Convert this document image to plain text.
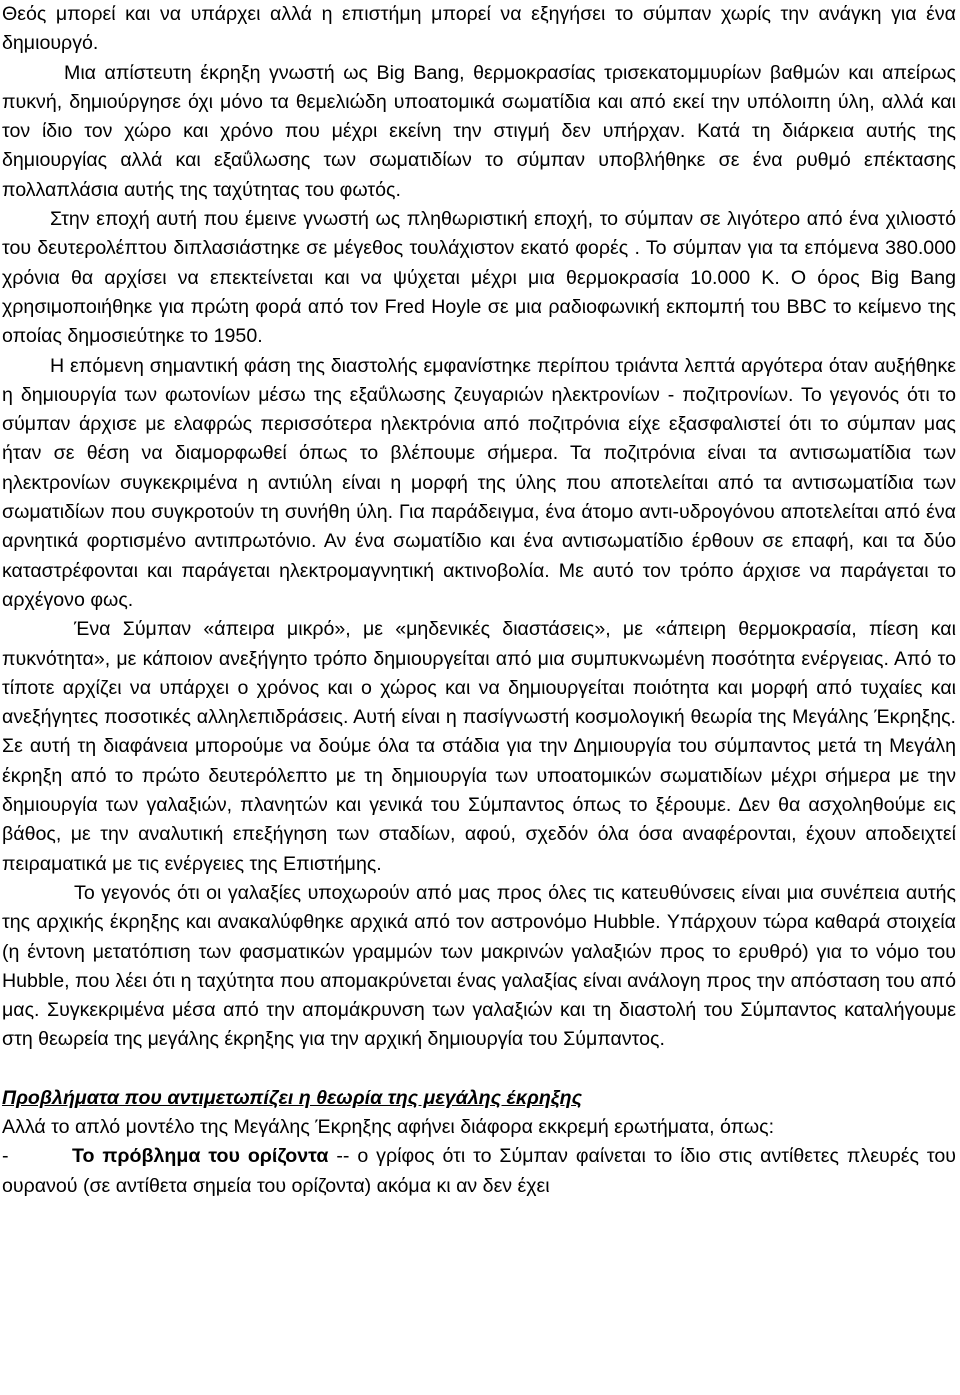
Θεός μπορεί και να υπάρχει αλλά η επιστήμη μπορεί να εξηγήσει το σύμπαν χωρίς την ανάγκη για ένα δημιουργό.

Μια απίστευτη έκρηξη γνωστή ως Big Bang, θερμοκρασίας τρισεκατομμυρίων βαθμών και απείρως πυκνή, δημιούργησε όχι μόνο τα θεμελιώδη υποατομικά σωματίδια και από εκεί την υπόλοιπη ύλη, αλλά και τον ίδιο τον χώρο και χρόνο που μέχρι εκείνη την στιγμή δεν υπήρχαν. Κατά τη διάρκεια αυτής της δημιουργίας αλλά και εξαΰλωσης των σωματιδίων το σύμπαν υποβλήθηκε σε ένα ρυθμό επέκτασης πολλαπλάσια αυτής της ταχύτητας του φωτός.

Στην εποχή αυτή που έμεινε γνωστή ως πληθωριστική εποχή, το σύμπαν σε λιγότερο από ένα χιλιοστό του δευτερολέπτου διπλασιάστηκε σε μέγεθος τουλάχιστον εκατό φορές . Το σύμπαν για τα επόμενα 380.000 χρόνια θα αρχίσει να επεκτείνεται και να ψύχεται μέχρι μια θερμοκρασία 10.000 K. Ο όρος Big Bang χρησιμοποιήθηκε για πρώτη φορά από τον Fred Hoyle σε μια ραδιοφωνική εκπομπή του BBC το κείμενο της οποίας δημοσιεύτηκε το 1950.

Η επόμενη σημαντική φάση της διαστολής εμφανίστηκε περίπου τριάντα λεπτά αργότερα όταν αυξήθηκε η δημιουργία των φωτονίων μέσω της εξαΰλωσης ζευγαριών ηλεκτρονίων - ποζιτρονίων. Το γεγονός ότι το σύμπαν άρχισε με ελαφρώς περισσότερα ηλεκτρόνια από ποζιτρόνια είχε εξασφαλιστεί ότι το σύμπαν μας ήταν σε θέση να διαμορφωθεί όπως το βλέπουμε σήμερα. Τα ποζιτρόνια είναι τα αντισωματίδια των ηλεκτρονίων συγκεκριμένα η αντιύλη είναι η μορφή της ύλης που αποτελείται από τα αντισωματίδια των σωματιδίων που συγκροτούν τη συνήθη ύλη. Για παράδειγμα, ένα άτομο αντι-υδρογόνου αποτελείται από ένα αρνητικά φορτισμένο αντιπρωτόνιο. Αν ένα σωματίδιο και ένα αντισωματίδιο έρθουν σε επαφή, και τα δύο καταστρέφονται και παράγεται ηλεκτρομαγνητική ακτινοβολία. Με αυτό τον τρόπο άρχισε να παράγεται το αρχέγονο φως.

Ένα Σύμπαν «άπειρα μικρό», με «μηδενικές διαστάσεις», με «άπειρη θερμοκρασία, πίεση και πυκνότητα», με κάποιον ανεξήγητο τρόπο δημιουργείται από μια συμπυκνωμένη ποσότητα ενέργειας. Από το τίποτε αρχίζει να υπάρχει ο χρόνος και ο χώρος και να δημιουργείται ποιότητα και μορφή από τυχαίες και ανεξήγητες ποσοτικές αλληλεπιδράσεις. Αυτή είναι η πασίγνωστή κοσμολογική θεωρία της Μεγάλης Έκρηξης. Σε αυτή τη διαφάνεια μπορούμε να δούμε όλα τα στάδια για την Δημιουργία του σύμπαντος μετά τη Μεγάλη έκρηξη από το πρώτο δευτερόλεπτο με τη δημιουργία των υποατομικών σωματιδίων μέχρι σήμερα με την δημιουργία των γαλαξιών, πλανητών και γενικά του Σύμπαντος όπως το ξέρουμε. Δεν θα ασχοληθούμε εις βάθος, με την αναλυτική επεξήγηση των σταδίων, αφού, σχεδόν όλα όσα αναφέρονται, έχουν αποδειχτεί πειραματικά με τις ενέργειες της Επιστήμης.

Το γεγονός ότι οι γαλαξίες υποχωρούν από μας προς όλες τις κατευθύνσεις είναι μια συνέπεια αυτής της αρχικής έκρηξης και ανακαλύφθηκε αρχικά από τον αστρονόμο Hubble. Υπάρχουν τώρα καθαρά στοιχεία (η έντονη μετατόπιση των φασματικών γραμμών των μακρινών γαλαξιών προς το ερυθρό) για το νόμο του Hubble, που λέει ότι η ταχύτητα που απομακρύνεται ένας γαλαξίας είναι ανάλογη προς την απόσταση του από μας. Συγκεκριμένα μέσα από την απομάκρυνση των γαλαξιών και τη διαστολή του Σύμπαντος καταλήγουμε στη θεωρεία της μεγάλης έκρηξης για την αρχική δημιουργία του Σύμπαντος.

Προβλήματα που αντιμετωπίζει η θεωρία της μεγάλης έκρηξης

Αλλά το απλό μοντέλο της Μεγάλης Έκρηξης αφήνει διάφορα εκκρεμή ερωτήματα, όπως:

-	Το πρόβλημα του ορίζοντα -- ο γρίφος ότι το Σύμπαν φαίνεται το ίδιο στις αντίθετες πλευρές του ουρανού (σε αντίθετα σημεία του ορίζοντα) ακόμα κι αν δεν έχει
